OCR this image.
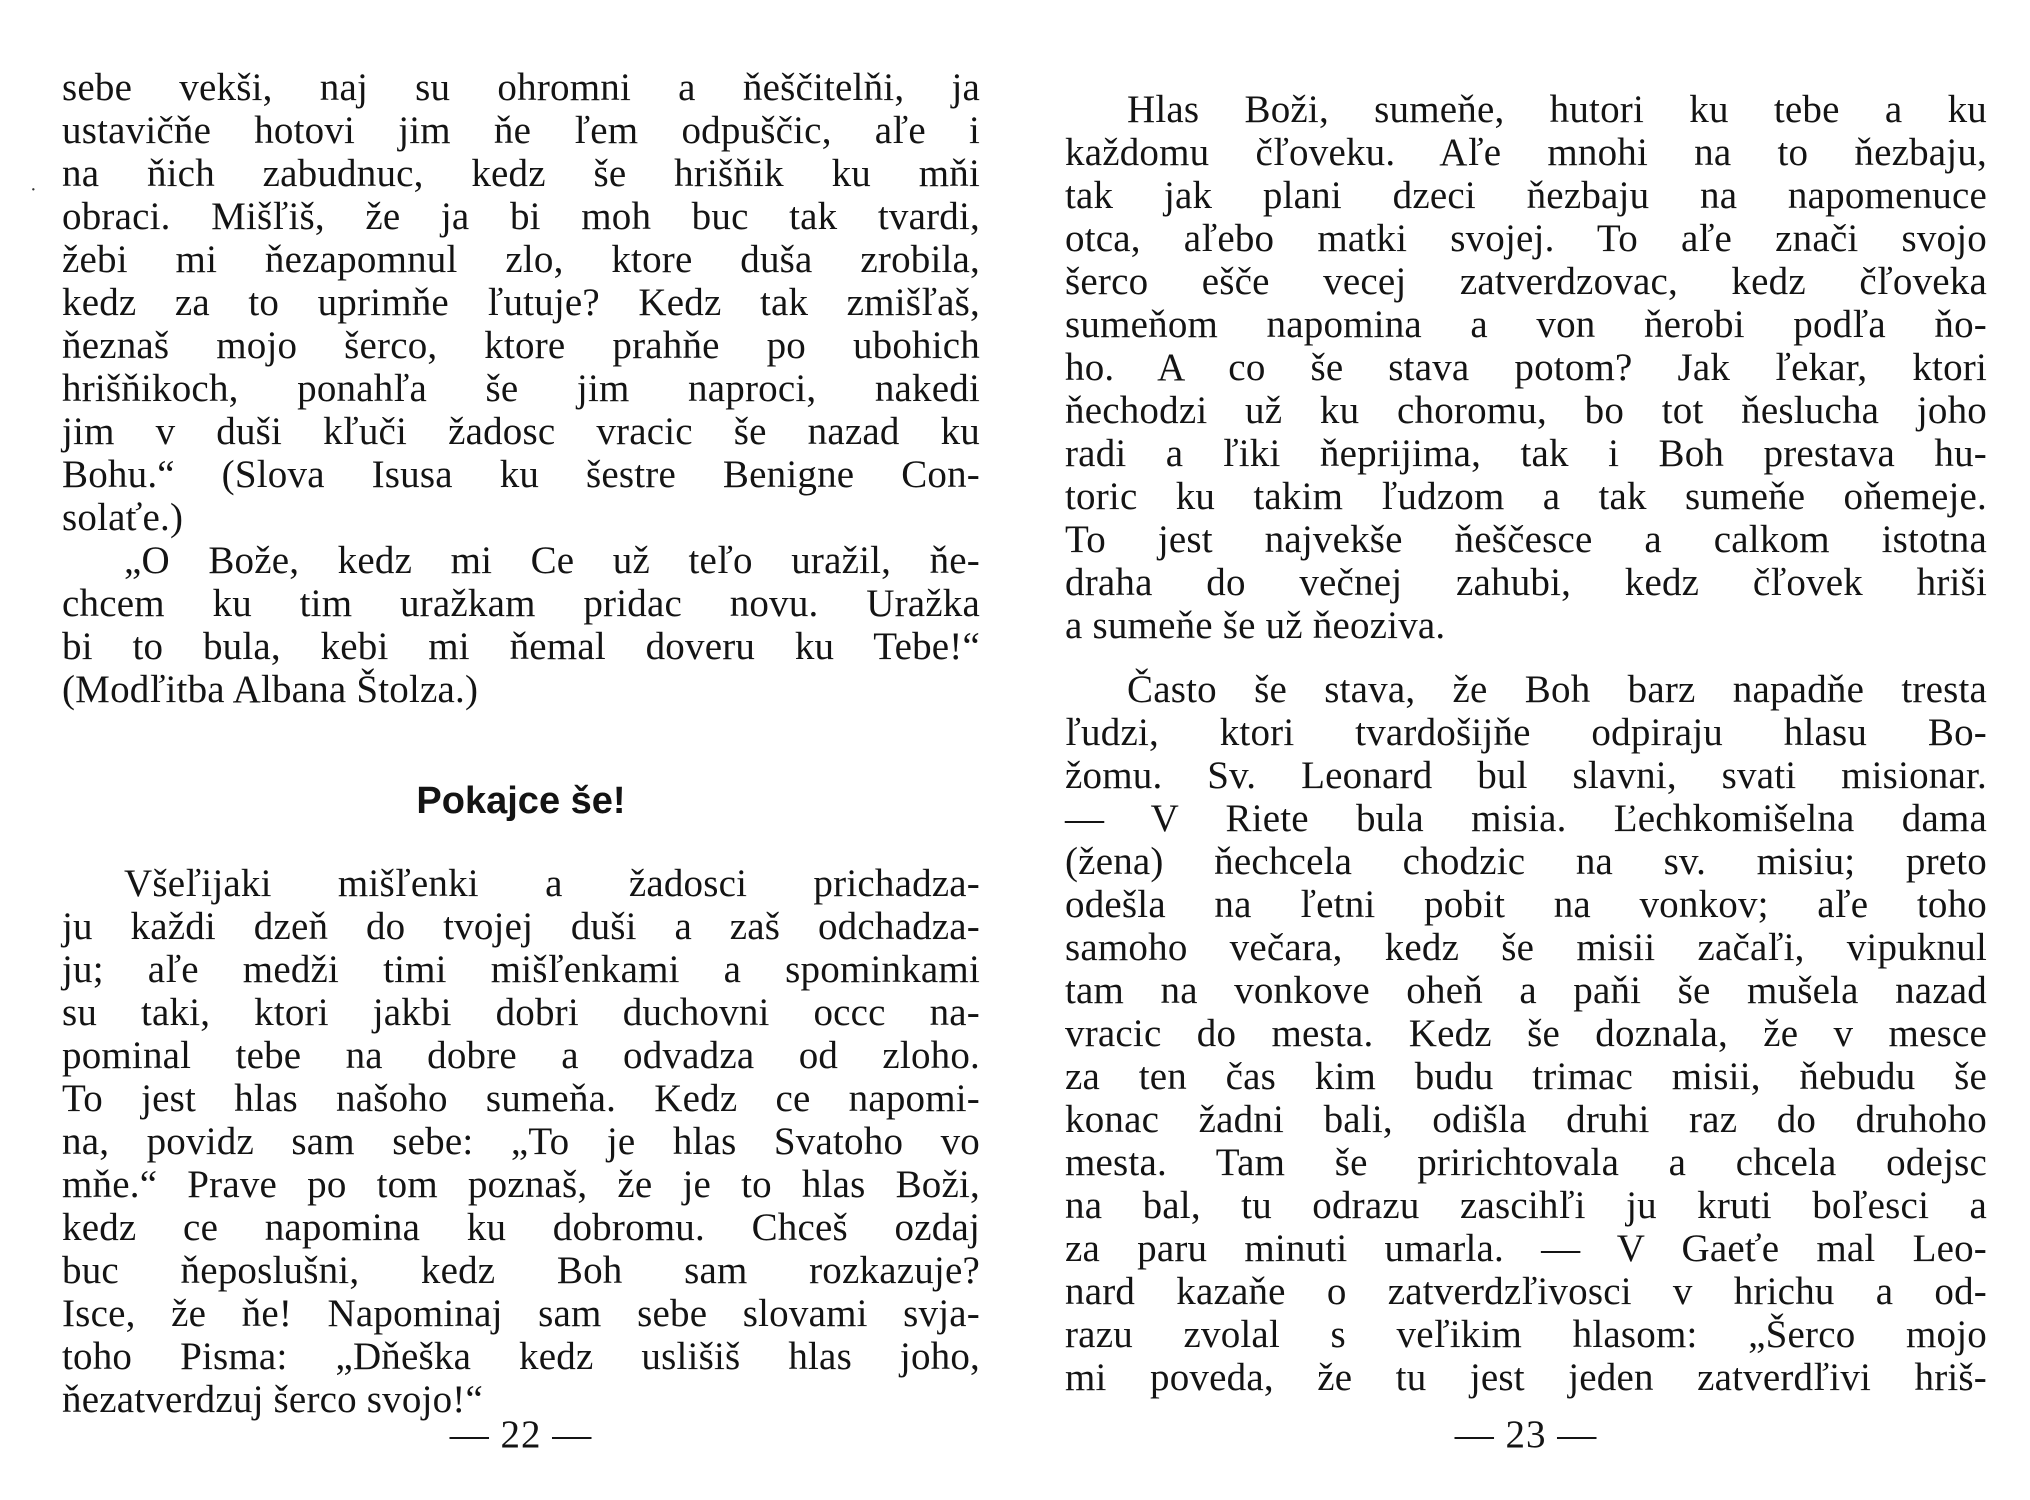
sebe vekši, naj su ohromni a ňeščitelňi, ja
ustavičňe hotovi jim ňe ľem odpuščic, aľe i
na ňich zabudnuc, kedz še hrišňik ku mňi
obraci. Mišľiš, že ja bi moh buc tak tvardi,
žebi mi ňezapomnul zlo, ktore duša zrobila,
kedz za to uprimňe ľutuje? Kedz tak zmišľaš,
ňeznaš mojo šerco, ktore prahňe po ubohich
hrišňikoch, ponahľa še jim naproci, nakedi
jim v duši kľuči žadosc vracic še nazad ku
Bohu.“ (Slova Isusa ku šestre Benigne Con-
solaťe.)
„O Bože, kedz mi Ce už teľo uražil, ňe-
chcem ku tim uražkam pridac novu. Uražka
bi to bula, kebi mi ňemal doveru ku Tebe!“
(Modľitba Albana Štolza.)
Pokajce še!
Všeľijaki mišľenki a žadosci prichadza-
ju každi dzeň do tvojej duši a zaš odchadza-
ju; aľe medži timi mišľenkami a spominkami
su taki, ktori jakbi dobri duchovni occc na-
pominal tebe na dobre a odvadza od zloho.
To jest hlas našoho sumeňa. Kedz ce napomi-
na, povidz sam sebe: „To je hlas Svatoho vo
mňe.“ Prave po tom poznaš, že je to hlas Boži,
kedz ce napomina ku dobromu. Chceš ozdaj
buc ňeposlušni, kedz Boh sam rozkazuje?
Isce, že ňe! Napominaj sam sebe slovami svja-
toho Pisma: „Dňeška kedz uslišiš hlas joho,
ňezatverdzuj šerco svojo!“
— 22 —
·
Hlas Boži, sumeňe, hutori ku tebe a ku
každomu čľoveku. Aľe mnohi na to ňezbaju,
tak jak plani dzeci ňezbaju na napomenuce
otca, aľebo matki svojej. To aľe znači svojo
šerco ešče vecej zatverdzovac, kedz čľoveka
sumeňom napomina a von ňerobi podľa ňo-
ho. A co še stava potom? Jak ľekar, ktori
ňechodzi už ku choromu, bo tot ňeslucha joho
radi a ľiki ňeprijima, tak i Boh prestava hu-
toric ku takim ľudzom a tak sumeňe oňemeje.
To jest najvekše ňeščesce a calkom istotna
draha do večnej zahubi, kedz čľovek hriši
a sumeňe še už ňeoziva.
Často še stava, že Boh barz napadňe tresta
ľudzi, ktori tvardošijňe odpiraju hlasu Bo-
žomu. Sv. Leonard bul slavni, svati misionar.
— V Riete bula misia. Ľechkomišelna dama
(žena) ňechcela chodzic na sv. misiu; preto
odešla na ľetni pobit na vonkov; aľe toho
samoho večara, kedz še misii začaľi, vipuknul
tam na vonkove oheň a paňi še mušela nazad
vracic do mesta. Kedz še doznala, že v mesce
za ten čas kim budu trimac misii, ňebudu še
konac žadni bali, odišla druhi raz do druhoho
mesta. Tam še pririchtovala a chcela odejsc
na bal, tu odrazu zascihľi ju kruti boľesci a
za paru minuti umarla. — V Gaeťe mal Leo-
nard kazaňe o zatverdzľivosci v hrichu a od-
razu zvolal s veľikim hlasom: „Šerco mojo
mi poveda, že tu jest jeden zatverdľivi hriš-
— 23 —
